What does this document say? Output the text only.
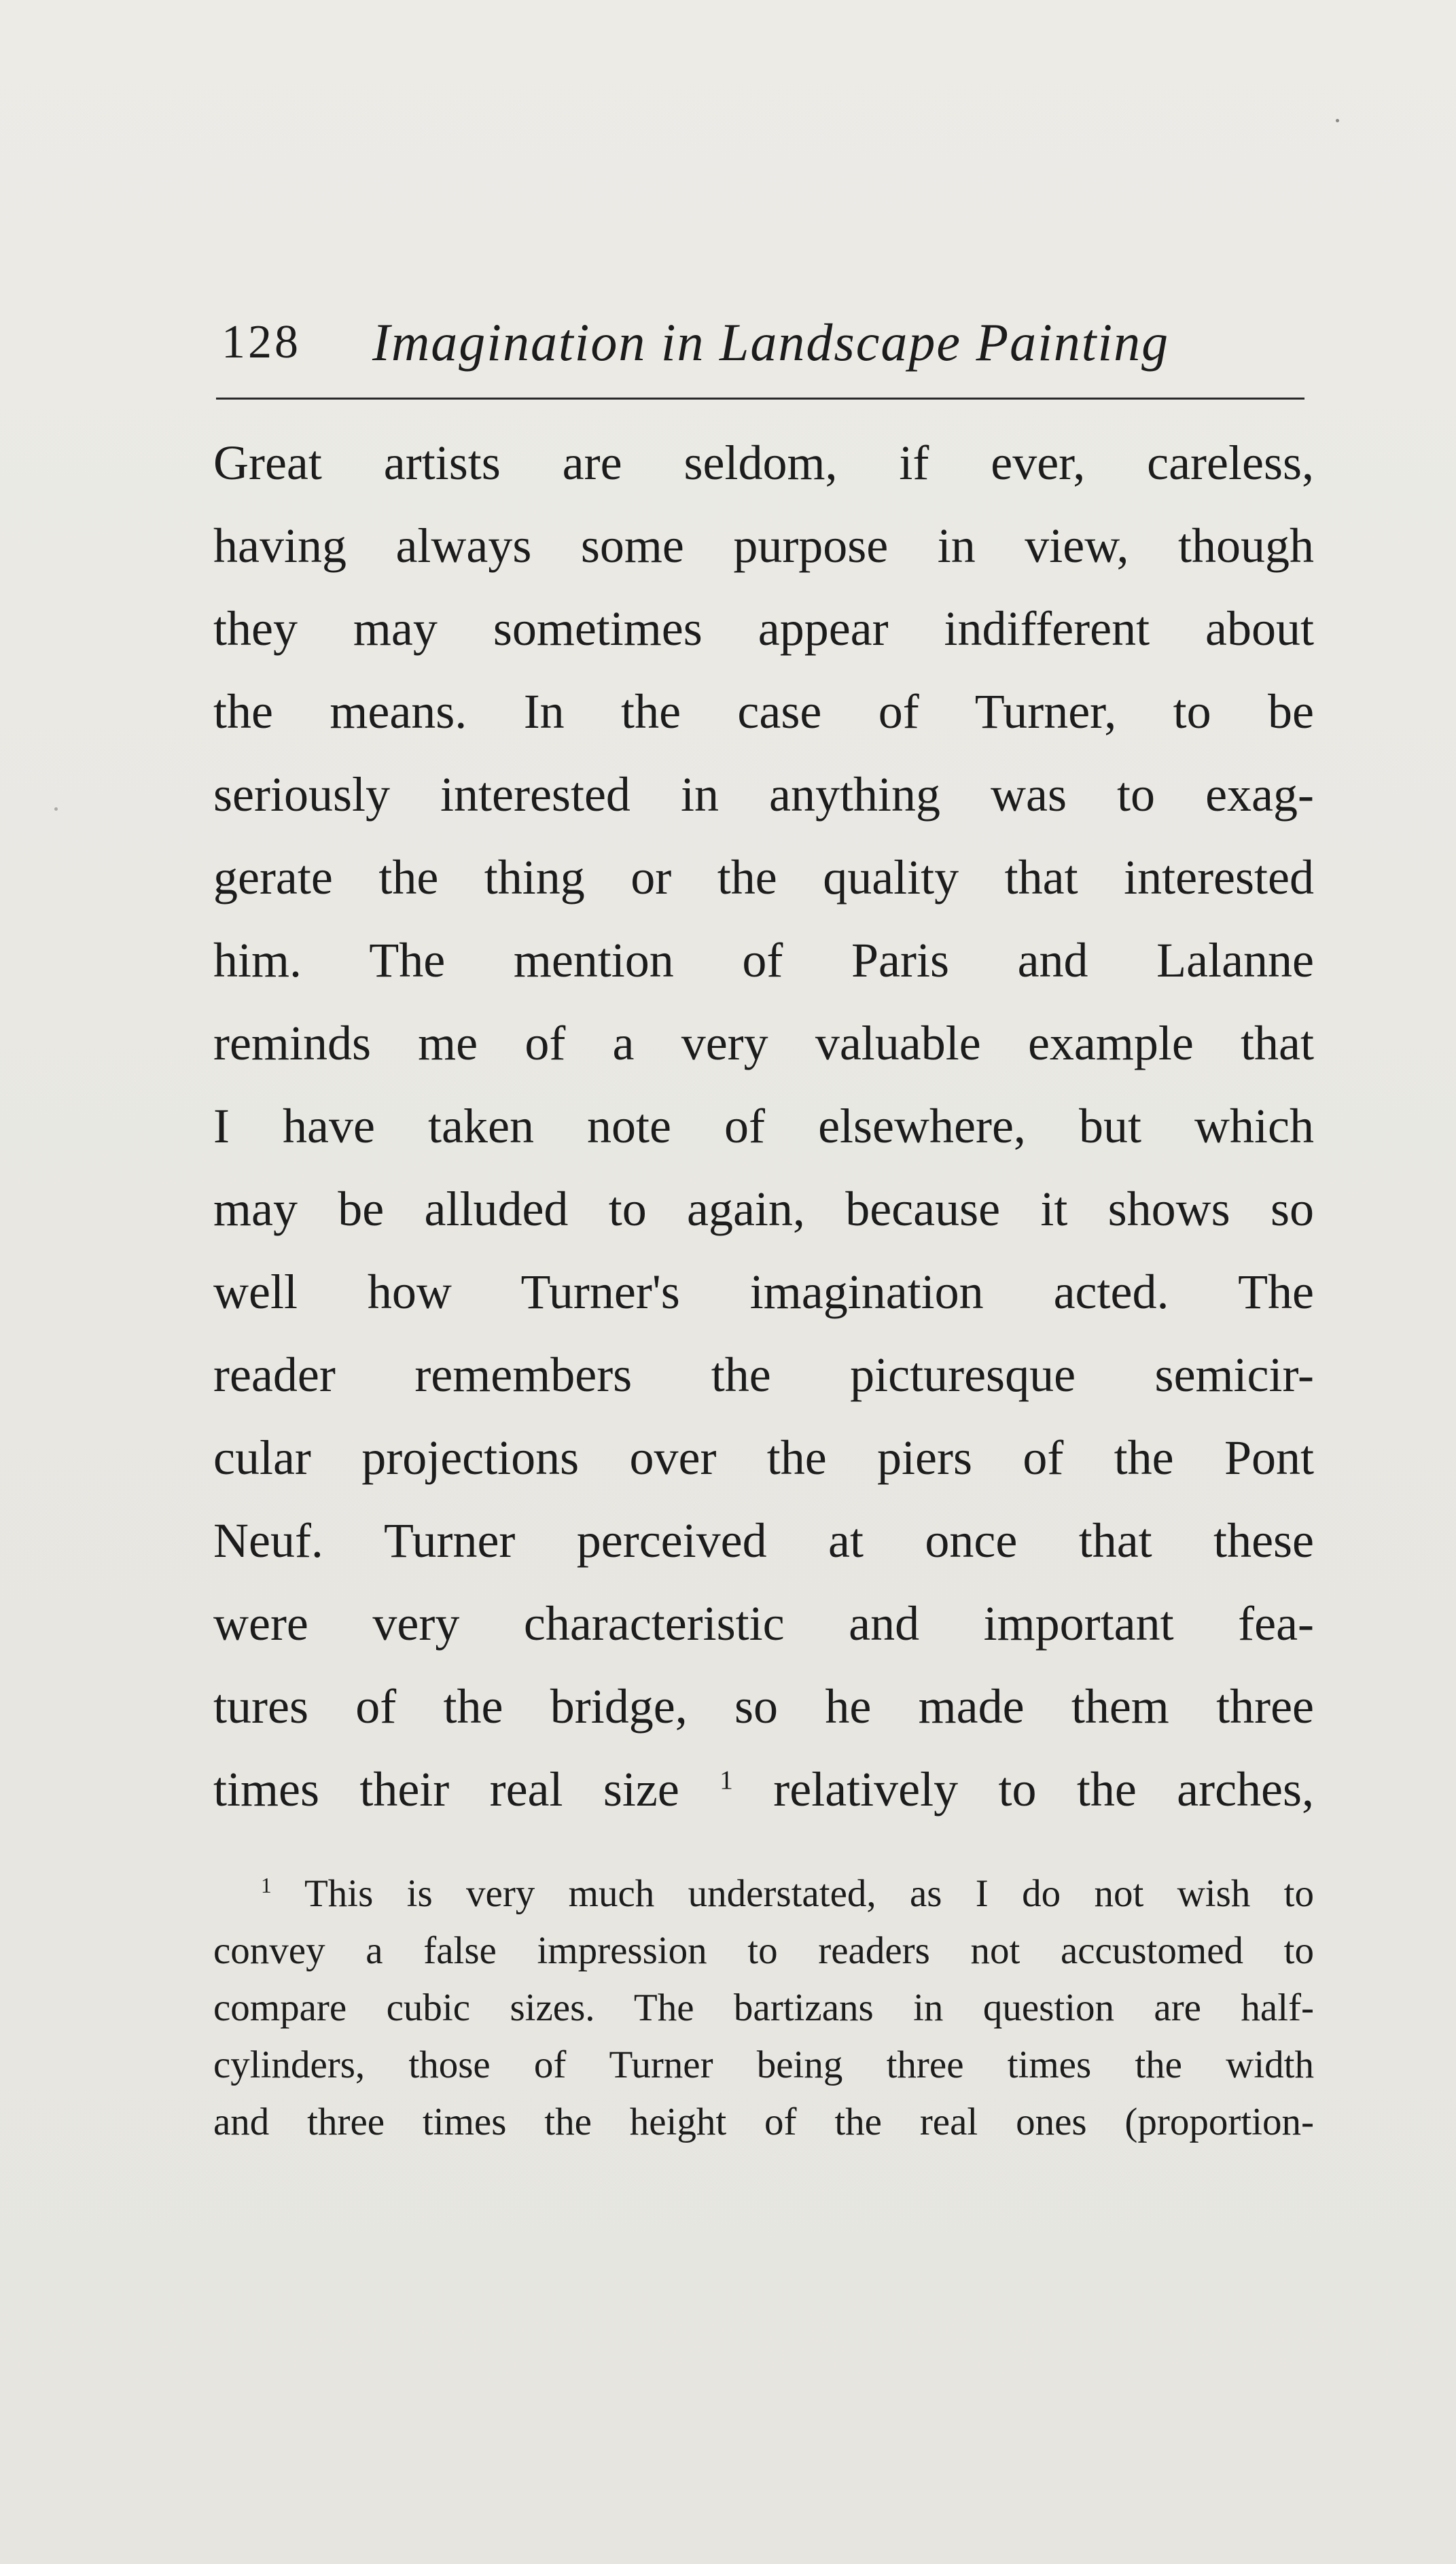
128 Imagination in Landscape Painting
Great artists are seldom, if ever, careless,
having always some purpose in view, though
they may sometimes appear indifferent about
the means. In the case of Turner, to be
seriously interested in anything was to exag-
gerate the thing or the quality that interested
him. The mention of Paris and Lalanne
reminds me of a very valuable example that
I have taken note of elsewhere, but which
may be alluded to again, because it shows so
well how Turner's imagination acted. The
reader remembers the picturesque semicir-
cular projections over the piers of the Pont
Neuf. Turner perceived at once that these
were very characteristic and important fea-
tures of the bridge, so he made them three
times their real size $^1$ relatively to the arches,
$^1$ This is very much understated, as I do not wish to
convey a false impression to readers not accustomed to
compare cubic sizes. The bartizans in question are half-
cylinders, those of Turner being three times the width
and three times the height of the real ones (proportion-
